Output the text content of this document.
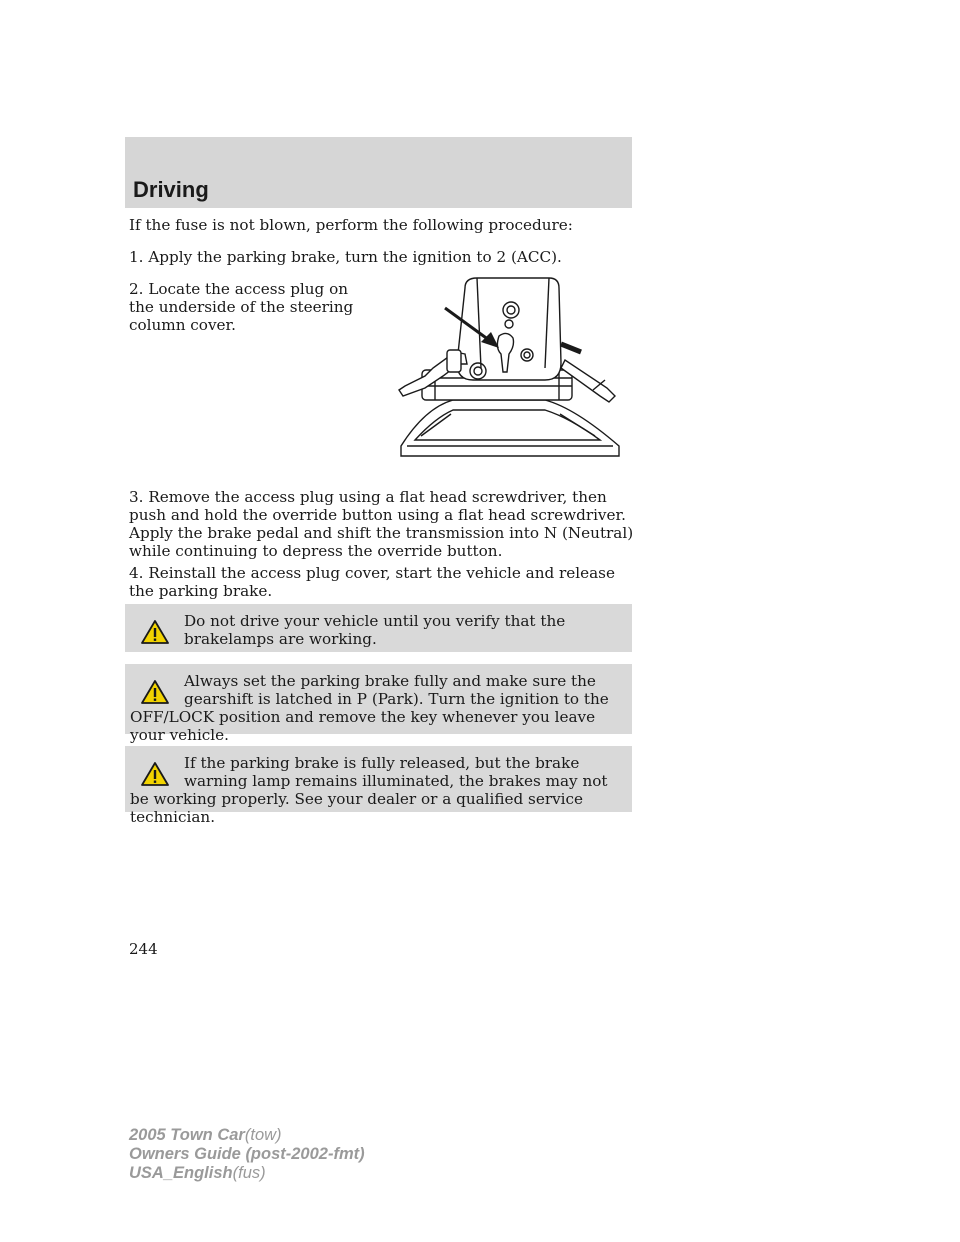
Driving

If the fuse is not blown, perform the following procedure:

1. Apply the parking brake, turn the ignition to 2 (ACC).

2. Locate the access plug on the underside of the steering column cover.

3. Remove the access plug using a flat head screwdriver, then push and hold the override button using a flat head screwdriver. Apply the brake pedal and shift the transmission into N (Neutral) while continuing to depress the override button.

4. Reinstall the access plug cover, start the vehicle and release the parking brake.

Do not drive your vehicle until you verify that the brakelamps are working.

Always set the parking brake fully and make sure the gearshift is latched in P (Park). Turn the ignition to the OFF/LOCK position and remove the key whenever you leave your vehicle.

If the parking brake is fully released, but the brake warning lamp remains illuminated, the brakes may not be working properly. See your dealer or a qualified service technician.

244
2005 Town Car(tow)
Owners Guide (post-2002-fmt)
USA_English(fus)
